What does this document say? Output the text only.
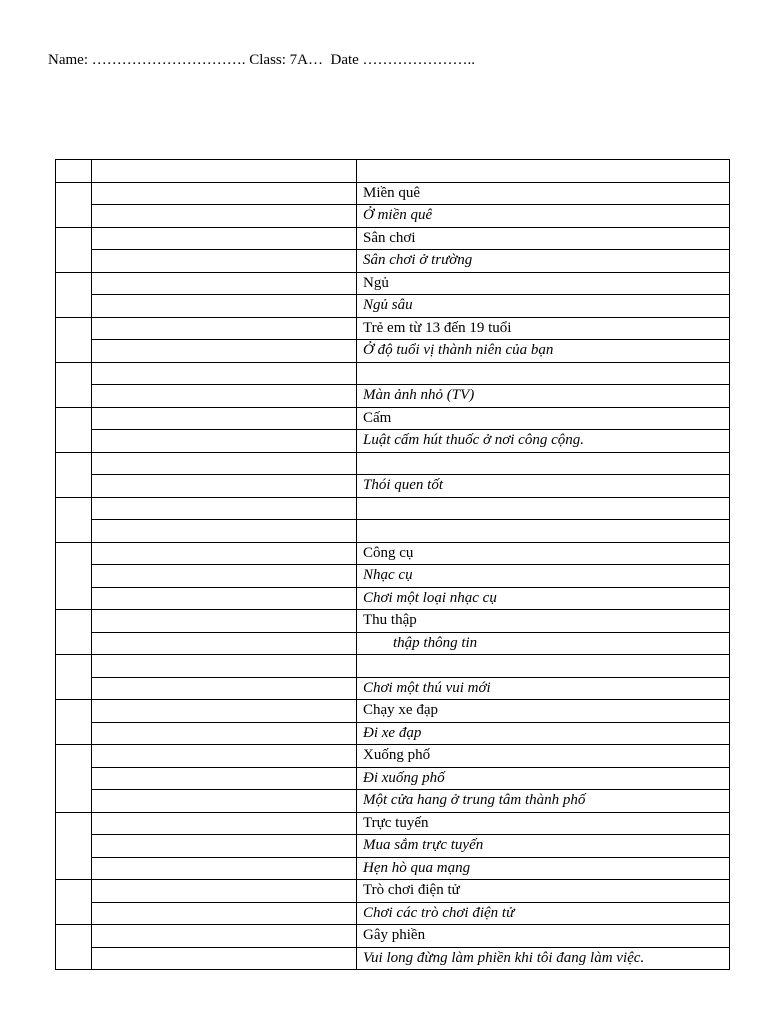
Name: …………………………. Class: 7A…  Date …………………..

		Miền quê
		Ở miền quê
		Sân chơi
		Sân chơi ở trường
		Ngủ
		Ngủ sâu
		Trẻ em từ 13 đến 19 tuổi
		Ở độ tuổi vị thành niên của bạn

		Màn ảnh nhỏ (TV)
		Cấm
		Luật cấm hút thuốc ở nơi công cộng.

		Thói quen tốt

		Công cụ
		Nhạc cụ
		Chơi một loại nhạc cụ
		Thu thập
		thập thông tin

		Chơi một thú vui mới
		Chạy xe đạp
		Đi xe đạp
		Xuống phố
		Đi xuống phố
		Một cửa hang ở trung tâm thành phố
		Trực tuyến
		Mua sắm trực tuyến
		Hẹn hò qua mạng
		Trò chơi điện tử
		Chơi các trò chơi điện tử
		Gây phiền
		Vui long đừng làm phiền khi tôi đang làm việc.
